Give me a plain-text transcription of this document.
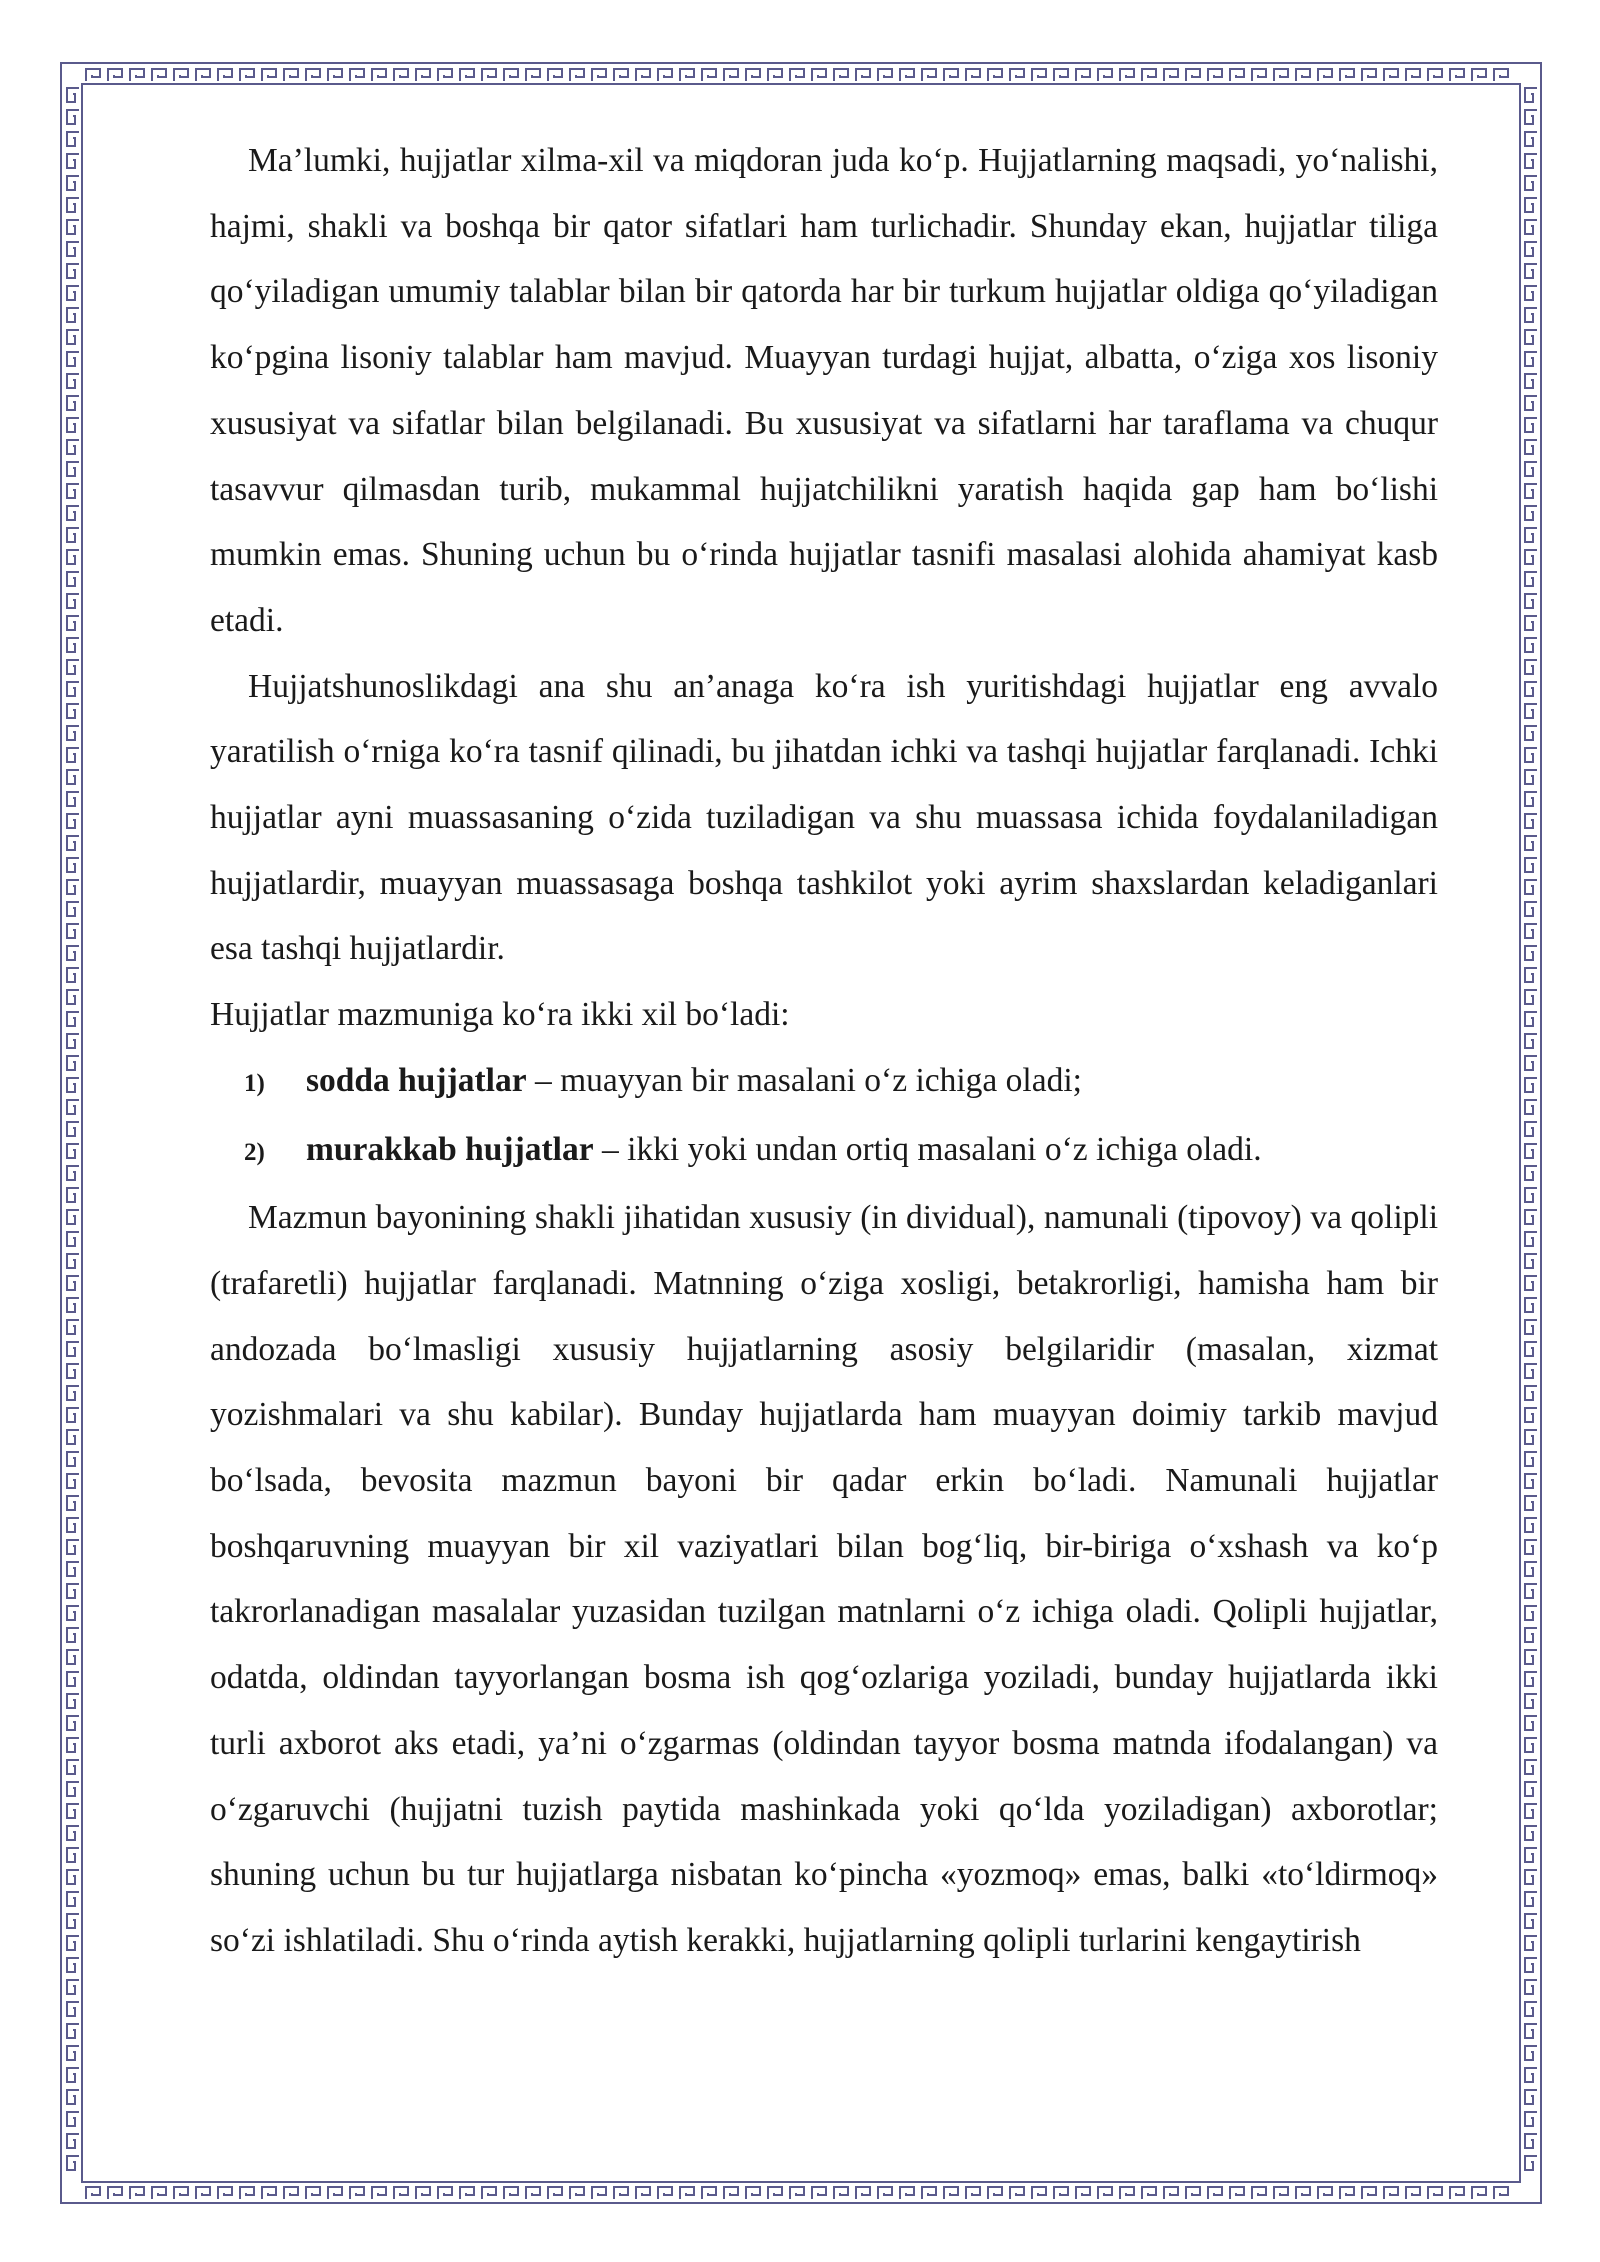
Ma’lumki, hujjatlar xilma-xil va miqdoran juda ko‘p. Hujjatlarning maqsadi, yo‘nalishi, hajmi, shakli va boshqa bir qator sifatlari ham turlichadir. Shunday ekan, hujjatlar tiliga qo‘yiladigan umumiy talablar bilan bir qatorda har bir turkum hujjatlar oldiga qo‘yiladigan ko‘pgina lisoniy talablar ham mavjud. Muayyan turdagi hujjat, albatta, o‘ziga xos lisoniy xususiyat va sifatlar bilan belgilanadi. Bu xususiyat va sifatlarni har taraflama va chuqur tasavvur qilmasdan turib, mukammal hujjatchilikni yaratish haqida gap ham bo‘lishi mumkin emas. Shuning uchun bu o‘rinda hujjatlar tasnifi masalasi alohida ahamiyat kasb etadi.

Hujjatshunoslikdagi ana shu an’anaga ko‘ra ish yuritishdagi hujjatlar eng avvalo yaratilish o‘rniga ko‘ra tasnif qilinadi, bu jihatdan ichki va tashqi hujjatlar farqlanadi. Ichki hujjatlar ayni muassasaning o‘zida tuziladigan va shu muassasa ichida foydalaniladigan hujjatlardir, muayyan muassasaga boshqa tashkilot yoki ayrim shaxslardan keladiganlari esa tashqi hujjatlardir.

Hujjatlar mazmuniga ko‘ra ikki xil bo‘ladi:

1)	sodda hujjatlar – muayyan bir masalani o‘z ichiga oladi;
2)	murakkab hujjatlar – ikki yoki undan ortiq masalani o‘z ichiga oladi.

Mazmun bayonining shakli jihatidan xususiy (in dividual), namunali (tipovoy) va qolipli (trafaretli) hujjatlar farqlanadi. Matnning o‘ziga xosligi, betakrorligi, hamisha ham bir andozada bo‘lmasligi xususiy hujjatlarning asosiy belgilaridir (masalan, xizmat yozishmalari va shu kabilar). Bunday hujjatlarda ham muayyan doimiy tarkib mavjud bo‘lsada, bevosita mazmun bayoni bir qadar erkin bo‘ladi. Namunali hujjatlar boshqaruvning muayyan bir xil vaziyatlari bilan bog‘liq, bir-biriga o‘xshash va ko‘p takrorlanadigan masalalar yuzasidan tuzilgan matnlarni o‘z ichiga oladi. Qolipli hujjatlar, odatda, oldindan tayyorlangan bosma ish qog‘ozlariga yoziladi, bunday hujjatlarda ikki turli axborot aks etadi, ya’ni o‘zgarmas (oldindan tayyor bosma matnda ifodalangan) va o‘zgaruvchi (hujjatni tuzish paytida mashinkada yoki qo‘lda yoziladigan) axborotlar; shuning uchun bu tur hujjatlarga nisbatan ko‘pincha «yozmoq» emas, balki «to‘ldirmoq» so‘zi ishlatiladi. Shu o‘rinda aytish kerakki, hujjatlarning qolipli turlarini kengaytirish
